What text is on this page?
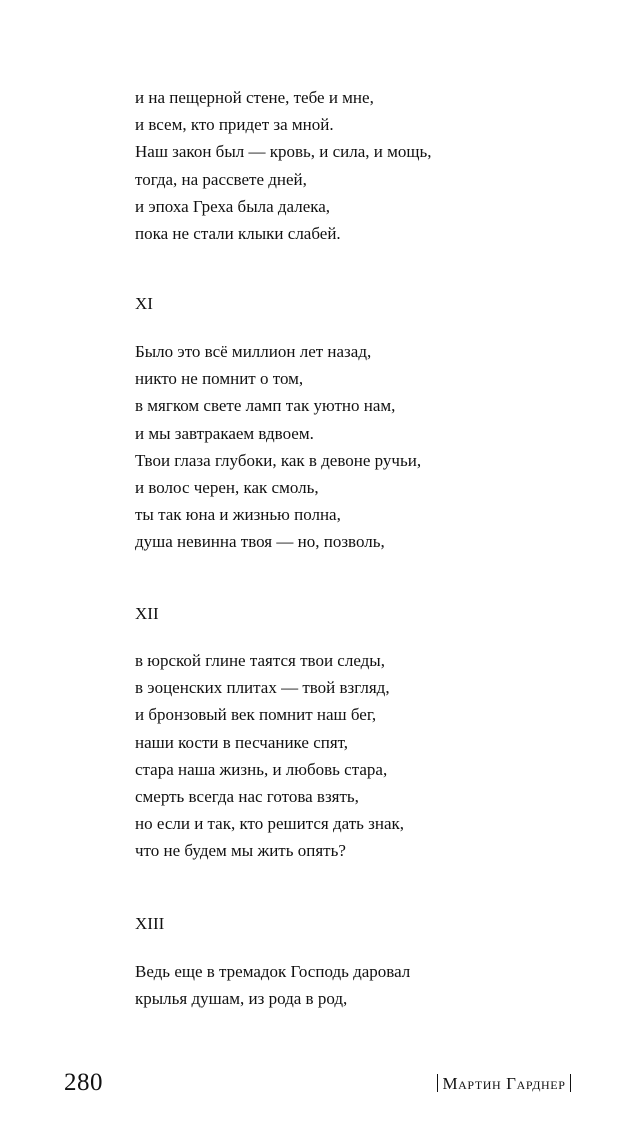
и на пещерной стене, тебе и мне,
и всем, кто придет за мной.
Наш закон был — кровь, и сила, и мощь,
тогда, на рассвете дней,
и эпоха Греха была далека,
пока не стали клыки слабей.
XI
Было это всё миллион лет назад,
никто не помнит о том,
в мягком свете ламп так уютно нам,
и мы завтракаем вдвоем.
Твои глаза глубоки, как в девоне ручьи,
и волос черен, как смоль,
ты так юна и жизнью полна,
душа невинна твоя — но, позволь,
XII
в юрской глине таятся твои следы,
в эоценских плитах — твой взгляд,
и бронзовый век помнит наш бег,
наши кости в песчанике спят,
стара наша жизнь, и любовь стара,
смерть всегда нас готова взять,
но если и так, кто решится дать знак,
что не будем мы жить опять?
XIII
Ведь еще в тремадок Господь даровал
крылья душам, из рода в род,
280	Мартин Гарднер
